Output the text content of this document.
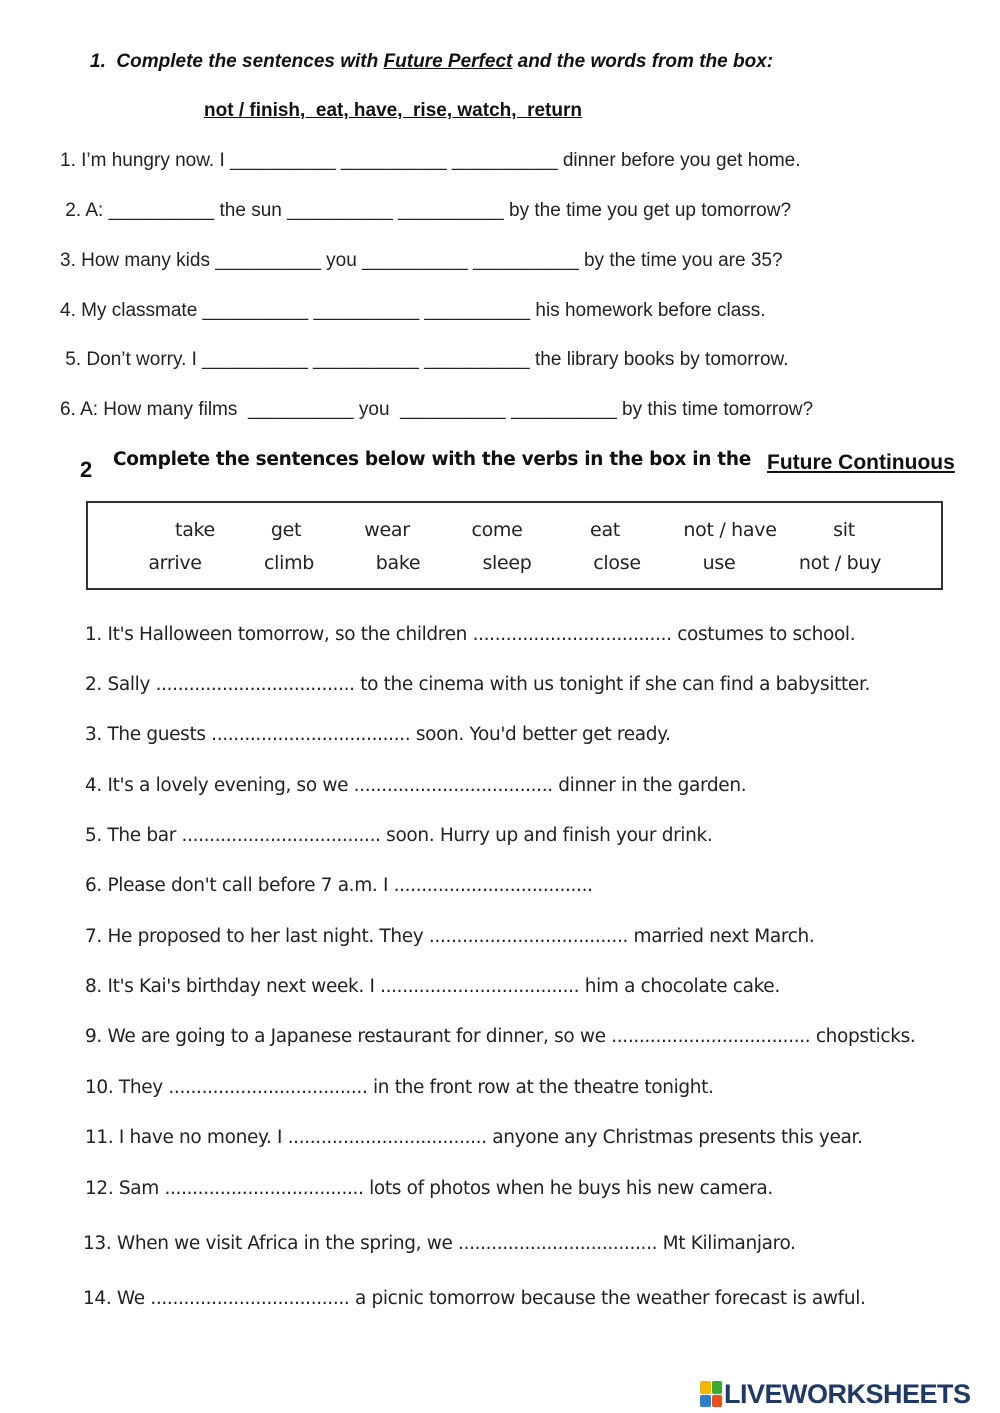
1.  Complete the sentences with Future Perfect and the words from the box:
not / finish,  eat, have,  rise, watch,  return
1. I’m hungry now. I __________ __________ __________ dinner before you get home.
2. A: __________ the sun __________ __________ by the time you get up tomorrow?
3. How many kids __________ you __________ __________ by the time you are 35?
4. My classmate __________ __________ __________ his homework before class.
5. Don’t worry. I __________ __________ __________ the library books by tomorrow.
6. A: How many films  __________ you  __________ __________ by this time tomorrow?
2 Complete the sentences below with the verbs in the box in the Future Continuous
take	get	wear	come	eat	not / have	sit
arrive	climb	bake	sleep	close	use	not / buy
1. It's Halloween tomorrow, so the children .................................... costumes to school.
2. Sally .................................... to the cinema with us tonight if she can find a babysitter.
3. The guests .................................... soon. You'd better get ready.
4. It's a lovely evening, so we .................................... dinner in the garden.
5. The bar .................................... soon. Hurry up and finish your drink.
6. Please don't call before 7 a.m. I ....................................
7. He proposed to her last night. They .................................... married next March.
8. It's Kai's birthday next week. I .................................... him a chocolate cake.
9. We are going to a Japanese restaurant for dinner, so we .................................... chopsticks.
10. They .................................... in the front row at the theatre tonight.
11. I have no money. I .................................... anyone any Christmas presents this year.
12. Sam .................................... lots of photos when he buys his new camera.
13. When we visit Africa in the spring, we .................................... Mt Kilimanjaro.
14. We .................................... a picnic tomorrow because the weather forecast is awful.
LIVEWORKSHEETS
